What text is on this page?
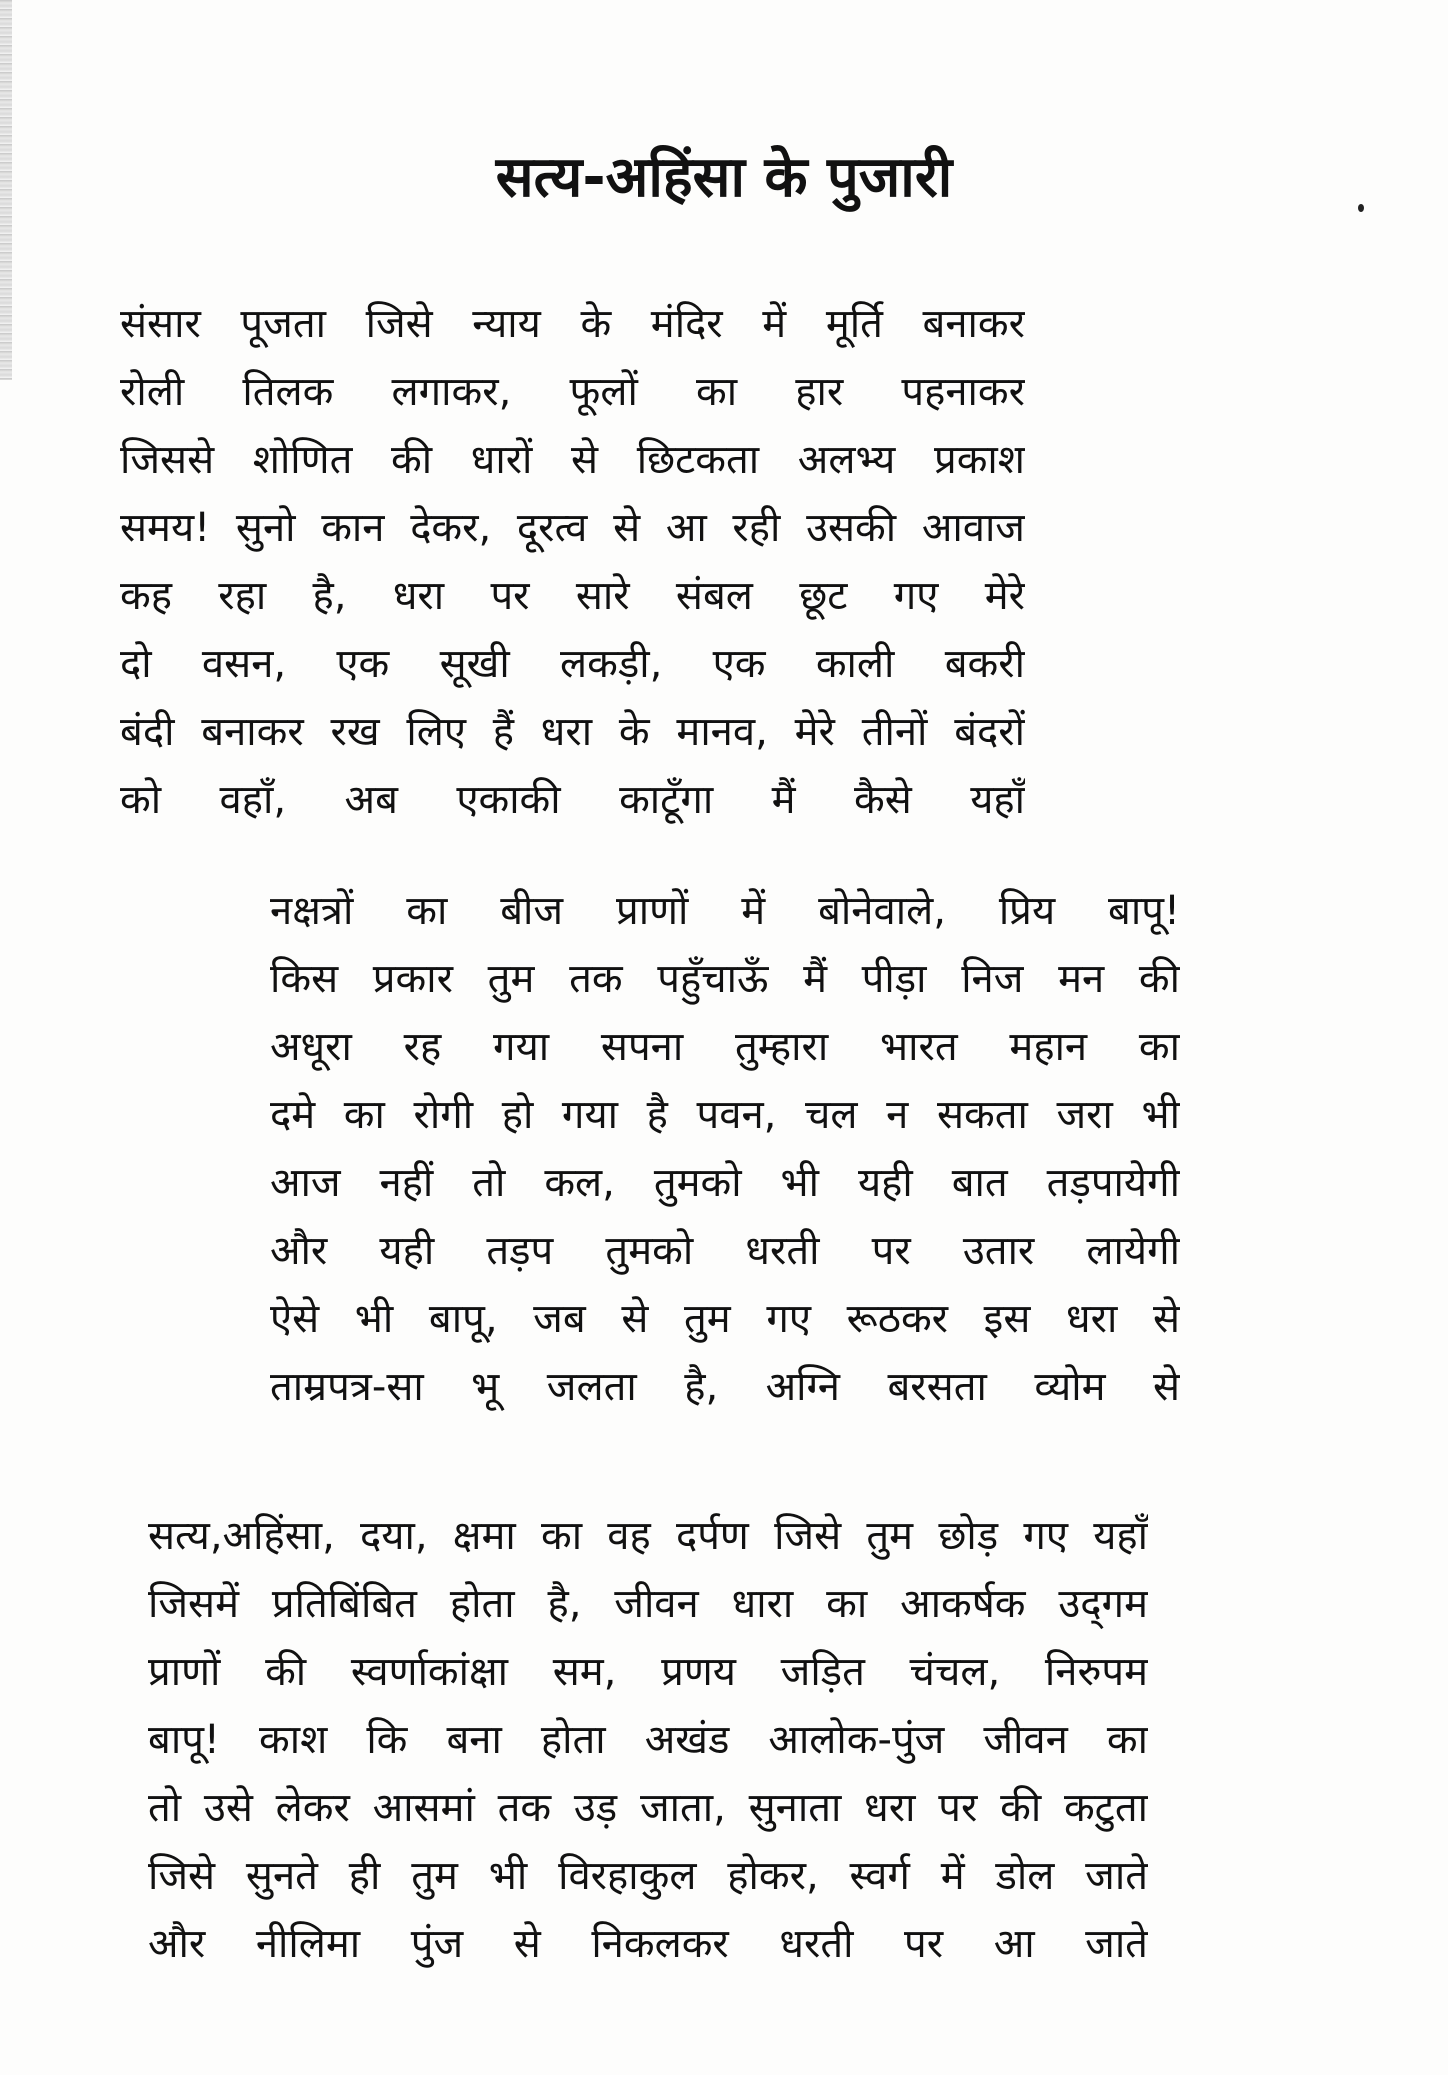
सत्य-अहिंसा के पुजारी
संसार पूजता जिसे न्याय के मंदिर में मूर्ति बनाकर
रोली तिलक लगाकर, फूलों का हार पहनाकर
जिससे शोणित की धारों से छिटकता अलभ्य प्रकाश
समय! सुनो कान देकर, दूरत्व से आ रही उसकी आवाज
कह रहा है, धरा पर सारे संबल छूट गए मेरे
दो वसन, एक सूखी लकड़ी, एक काली बकरी
बंदी बनाकर रख लिए हैं धरा के मानव, मेरे तीनों बंदरों
को वहाँ, अब एकाकी काटूँगा मैं कैसे यहाँ
नक्षत्रों का बीज प्राणों में बोनेवाले, प्रिय बापू!
किस प्रकार तुम तक पहुँचाऊँ मैं पीड़ा निज मन की
अधूरा रह गया सपना तुम्हारा भारत महान का
दमे का रोगी हो गया है पवन, चल न सकता जरा भी
आज नहीं तो कल, तुमको भी यही बात तड़पायेगी
और यही तड़प तुमको धरती पर उतार लायेगी
ऐसे भी बापू, जब से तुम गए रूठकर इस धरा से
ताम्रपत्र-सा भू जलता है, अग्नि बरसता व्योम से
सत्य,अहिंसा, दया, क्षमा का वह दर्पण जिसे तुम छोड़ गए यहाँ
जिसमें प्रतिबिंबित होता है, जीवन धारा का आकर्षक उद्‌गम
प्राणों की स्वर्णाकांक्षा सम, प्रणय जड़ित चंचल, निरुपम
बापू! काश कि बना होता अखंड आलोक-पुंज जीवन का
तो उसे लेकर आसमां तक उड़ जाता, सुनाता धरा पर की कटुता
जिसे सुनते ही तुम भी विरहाकुल होकर, स्वर्ग में डोल जाते
और नीलिमा पुंज से निकलकर धरती पर आ जाते
